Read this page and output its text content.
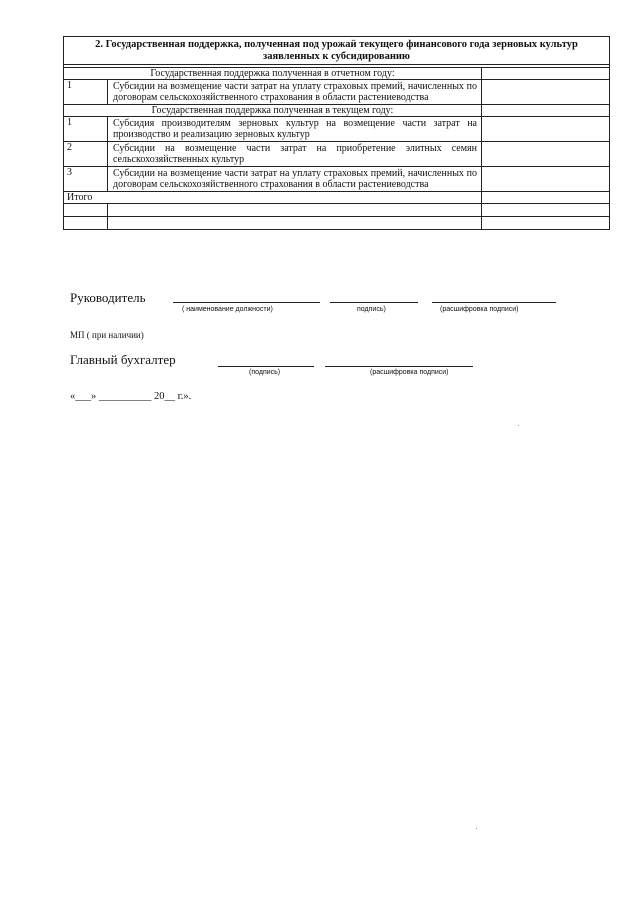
2. Государственная поддержка, полученная под урожай текущего финансового года зерновых культур заявленных к субсидированию		

Государственная поддержка полученная в отчетном году:		
1	Субсидии на возмещение части затрат на уплату страховых премий, начисленных по договорам сельскохозяйственного страхования в области растениеводства	
Государственная поддержка полученная в текущем году:		
1	Субсидия производителям зерновых культур на возмещение части затрат на производство и реализацию зерновых культур	
2	Субсидии на возмещение части затрат на приобретение элитных семян сельскохозяйственных культур	
3	Субсидии на возмещение части затрат на уплату страховых премий, начисленных по договорам сельскохозяйственного страхования в области растениеводства	
Итого		

Руководитель
( наименование должности)	подпись)	(расшифровка подписи)
МП ( при наличии)
Главный бухгалтер
(подпись)	(расшифровка подписи)
«___» __________ 20__ г.».
